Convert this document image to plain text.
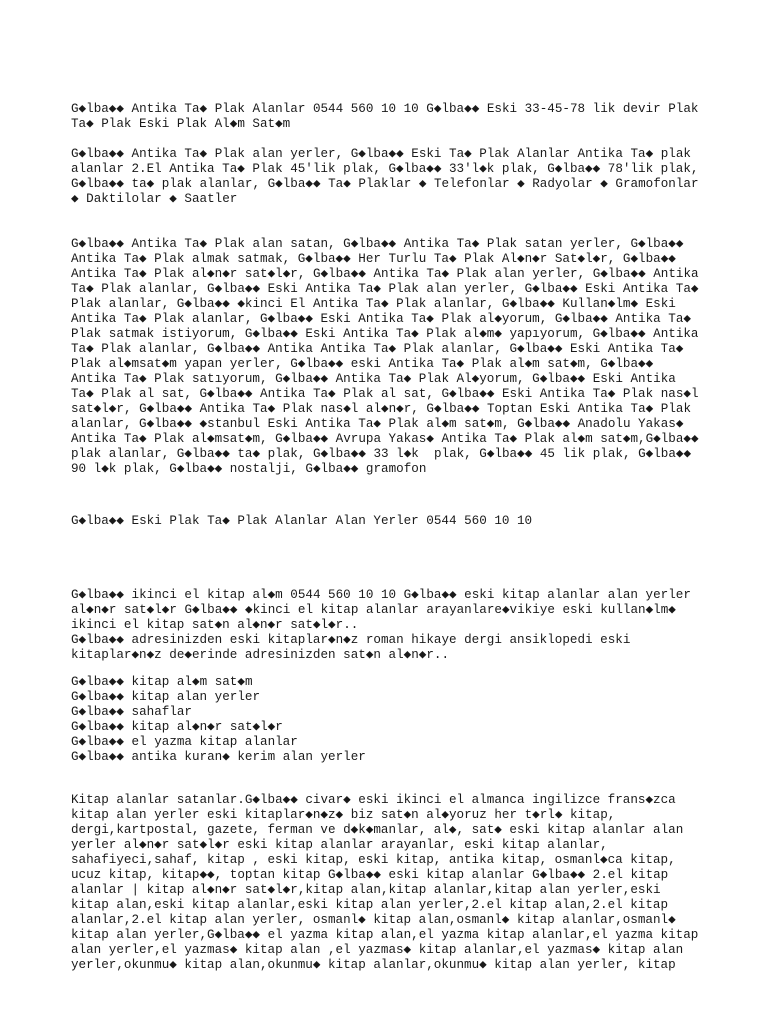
G◆lba◆◆ Antika Ta◆ Plak Alanlar 0544 560 10 10 G◆lba◆◆ Eski 33-45-78 lik devir Plak
Ta◆ Plak Eski Plak Al◆m Sat◆m

G◆lba◆◆ Antika Ta◆ Plak alan yerler, G◆lba◆◆ Eski Ta◆ Plak Alanlar Antika Ta◆ plak
alanlar 2.El Antika Ta◆ Plak 45'lik plak, G◆lba◆◆ 33'l◆k plak, G◆lba◆◆ 78'lik plak,
G◆lba◆◆ ta◆ plak alanlar, G◆lba◆◆ Ta◆ Plaklar ◆ Telefonlar ◆ Radyolar ◆ Gramofonlar
◆ Daktilolar ◆ Saatler

G◆lba◆◆ Antika Ta◆ Plak alan satan, G◆lba◆◆ Antika Ta◆ Plak satan yerler, G◆lba◆◆
Antika Ta◆ Plak almak satmak, G◆lba◆◆ Her Turlu Ta◆ Plak Al◆n◆r Sat◆l◆r, G◆lba◆◆
Antika Ta◆ Plak al◆n◆r sat◆l◆r, G◆lba◆◆ Antika Ta◆ Plak alan yerler, G◆lba◆◆ Antika
Ta◆ Plak alanlar, G◆lba◆◆ Eski Antika Ta◆ Plak alan yerler, G◆lba◆◆ Eski Antika Ta◆
Plak alanlar, G◆lba◆◆ ◆kinci El Antika Ta◆ Plak alanlar, G◆lba◆◆ Kullan◆lm◆ Eski
Antika Ta◆ Plak alanlar, G◆lba◆◆ Eski Antika Ta◆ Plak al◆yorum, G◆lba◆◆ Antika Ta◆
Plak satmak istiyorum, G◆lba◆◆ Eski Antika Ta◆ Plak al◆m◆ yapıyorum, G◆lba◆◆ Antika
Ta◆ Plak alanlar, G◆lba◆◆ Antika Antika Ta◆ Plak alanlar, G◆lba◆◆ Eski Antika Ta◆
Plak al◆msat◆m yapan yerler, G◆lba◆◆ eski Antika Ta◆ Plak al◆m sat◆m, G◆lba◆◆
Antika Ta◆ Plak satıyorum, G◆lba◆◆ Antika Ta◆ Plak Al◆yorum, G◆lba◆◆ Eski Antika
Ta◆ Plak al sat, G◆lba◆◆ Antika Ta◆ Plak al sat, G◆lba◆◆ Eski Antika Ta◆ Plak nas◆l
sat◆l◆r, G◆lba◆◆ Antika Ta◆ Plak nas◆l al◆n◆r, G◆lba◆◆ Toptan Eski Antika Ta◆ Plak
alanlar, G◆lba◆◆ ◆stanbul Eski Antika Ta◆ Plak al◆m sat◆m, G◆lba◆◆ Anadolu Yakas◆
Antika Ta◆ Plak al◆msat◆m, G◆lba◆◆ Avrupa Yakas◆ Antika Ta◆ Plak al◆m sat◆m,G◆lba◆◆
plak alanlar, G◆lba◆◆ ta◆ plak, G◆lba◆◆ 33 l◆k  plak, G◆lba◆◆ 45 lik plak, G◆lba◆◆
90 l◆k plak, G◆lba◆◆ nostalji, G◆lba◆◆ gramofon

G◆lba◆◆ Eski Plak Ta◆ Plak Alanlar Alan Yerler 0544 560 10 10

G◆lba◆◆ ikinci el kitap al◆m 0544 560 10 10 G◆lba◆◆ eski kitap alanlar alan yerler
al◆n◆r sat◆l◆r G◆lba◆◆ ◆kinci el kitap alanlar arayanlare◆vikiye eski kullan◆lm◆
ikinci el kitap sat◆n al◆n◆r sat◆l◆r..
G◆lba◆◆ adresinizden eski kitaplar◆n◆z roman hikaye dergi ansiklopedi eski
kitaplar◆n◆z de◆erinde adresinizden sat◆n al◆n◆r..

G◆lba◆◆ kitap al◆m sat◆m
G◆lba◆◆ kitap alan yerler
G◆lba◆◆ sahaflar
G◆lba◆◆ kitap al◆n◆r sat◆l◆r
G◆lba◆◆ el yazma kitap alanlar
G◆lba◆◆ antika kuran◆ kerim alan yerler

Kitap alanlar satanlar.G◆lba◆◆ civar◆ eski ikinci el almanca ingilizce frans◆zca
kitap alan yerler eski kitaplar◆n◆z◆ biz sat◆n al◆yoruz her t◆rl◆ kitap,
dergi,kartpostal, gazete, ferman ve d◆k◆manlar, al◆, sat◆ eski kitap alanlar alan
yerler al◆n◆r sat◆l◆r eski kitap alanlar arayanlar, eski kitap alanlar,
sahafiyeci,sahaf, kitap , eski kitap, eski kitap, antika kitap, osmanl◆ca kitap,
ucuz kitap, kitap◆◆, toptan kitap G◆lba◆◆ eski kitap alanlar G◆lba◆◆ 2.el kitap
alanlar | kitap al◆n◆r sat◆l◆r,kitap alan,kitap alanlar,kitap alan yerler,eski
kitap alan,eski kitap alanlar,eski kitap alan yerler,2.el kitap alan,2.el kitap
alanlar,2.el kitap alan yerler, osmanl◆ kitap alan,osmanl◆ kitap alanlar,osmanl◆
kitap alan yerler,G◆lba◆◆ el yazma kitap alan,el yazma kitap alanlar,el yazma kitap
alan yerler,el yazmas◆ kitap alan ,el yazmas◆ kitap alanlar,el yazmas◆ kitap alan
yerler,okunmu◆ kitap alan,okunmu◆ kitap alanlar,okunmu◆ kitap alan yerler, kitap
